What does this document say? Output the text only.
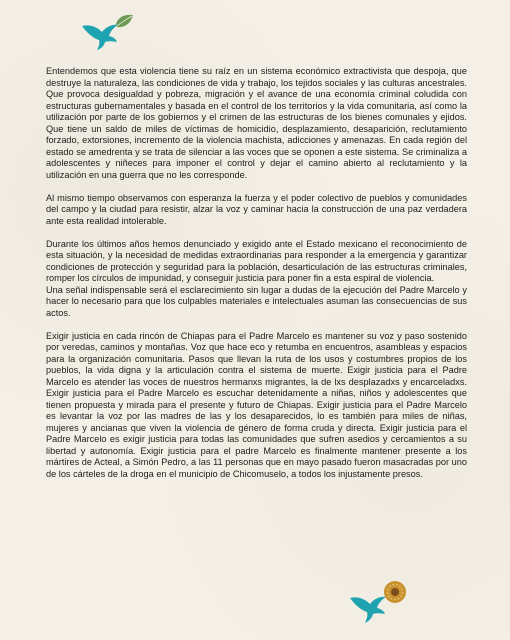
Entendemos que esta violencia tiene su raíz en un sistema económico extractivista que despoja, que destruye la naturaleza, las condiciones de vida y trabajo, los tejidos sociales y las culturas ancestrales. Que provoca desigualdad y pobreza, migración y el avance de una economía criminal coludida con estructuras gubernamentales y basada en el control de los territorios y la vida comunitaria, así como la utilización por parte de los gobiernos y el crimen de las estructuras de los bienes comunales y ejidos. Que tiene un saldo de miles de víctimas de homicidio, desplazamiento, desaparición, reclutamiento forzado, extorsiones, incremento de la violencia machista, adicciones y amenazas. En cada región del estado se amedrenta y se trata de silenciar a las voces que se oponen a este sistema. Se criminaliza a adolescentes y niñeces para imponer el control y dejar el camino abierto al reclutamiento y la utilización en una guerra que no les corresponde.

Al mismo tiempo observamos con esperanza la fuerza y el poder colectivo de pueblos y comunidades del campo y la ciudad para resistir, alzar la voz y caminar hacia la construcción de una paz verdadera ante esta realidad intolerable.

Durante los últimos años hemos denunciado y exigido ante el Estado mexicano el reconocimiento de esta situación, y la necesidad de medidas extraordinarias para responder a la emergencia y garantizar condiciones de protección y seguridad para la población, desarticulación de las estructuras criminales, romper los círculos de impunidad, y conseguir justicia para poner fin a esta espiral de violencia.

Una señal indispensable será el esclarecimiento sin lugar a dudas de la ejecución del Padre Marcelo y hacer lo necesario para que los culpables materiales e intelectuales asuman las consecuencias de sus actos.

Exigir justicia en cada rincón de Chiapas para el Padre Marcelo es mantener su voz y paso sostenido por veredas, caminos y montañas. Voz que hace eco y retumba en encuentros, asambleas y espacios para la organización comunitaria. Pasos que llevan la ruta de los usos y costumbres propios de los pueblos, la vida digna y la articulación contra el sistema de muerte. Exigir justicia para el Padre Marcelo es atender las voces de nuestros hermanxs migrantes, la de lxs desplazadxs y encarceladxs. Exigir justicia para el Padre Marcelo es escuchar detenidamente a niñas, niños y adolescentes que tienen propuesta y mirada para el presente y futuro de Chiapas. Exigir justicia para el Padre Marcelo es levantar la voz por las madres de las y los desaparecidos, lo es también para miles de niñas, mujeres y ancianas que viven la violencia de género de forma cruda y directa. Exigir justicia para el Padre Marcelo es exigir justicia para todas las comunidades que sufren asedios y cercamientos a su libertad y autonomía. Exigir justicia para el padre Marcelo es finalmente mantener presente a los mártires de Acteal, a Simón Pedro, a las 11 personas que en mayo pasado fueron masacradas por uno de los cárteles de la droga en el municipio de Chicomuselo, a todos los injustamente presos.
